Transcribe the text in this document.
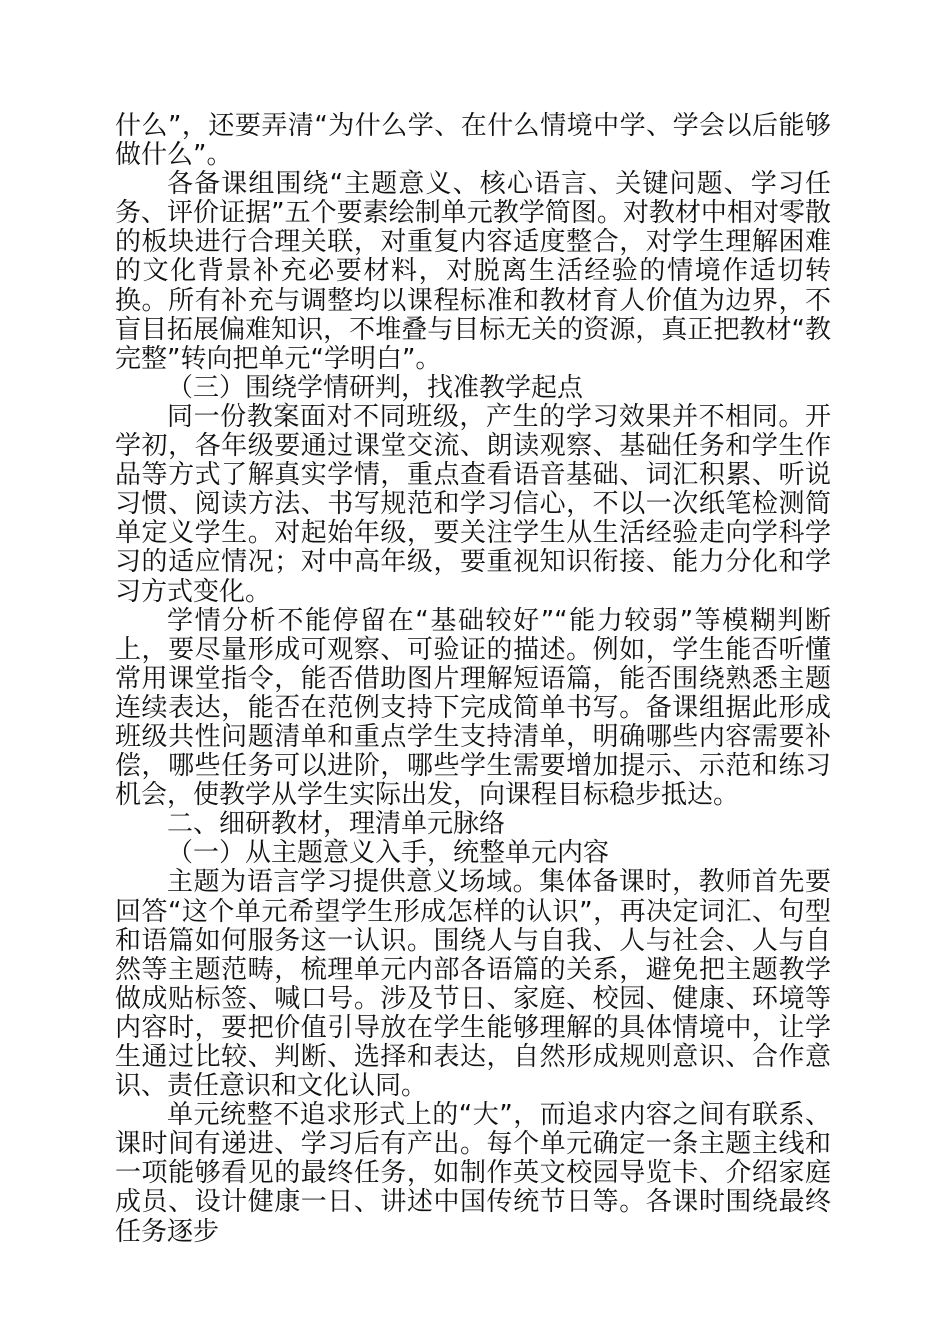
什么”，还要弄清“为什么学、在什么情境中学、学会以后能够做什么”。

各备课组围绕“主题意义、核心语言、关键问题、学习任务、评价证据”五个要素绘制单元教学简图。对教材中相对零散的板块进行合理关联，对重复内容适度整合，对学生理解困难的文化背景补充必要材料，对脱离生活经验的情境作适切转换。所有补充与调整均以课程标准和教材育人价值为边界，不盲目拓展偏难知识，不堆叠与目标无关的资源，真正把教材“教完整”转向把单元“学明白”。

（三）围绕学情研判，找准教学起点

同一份教案面对不同班级，产生的学习效果并不相同。开学初，各年级要通过课堂交流、朗读观察、基础任务和学生作品等方式了解真实学情，重点查看语音基础、词汇积累、听说习惯、阅读方法、书写规范和学习信心，不以一次纸笔检测简单定义学生。对起始年级，要关注学生从生活经验走向学科学习的适应情况；对中高年级，要重视知识衔接、能力分化和学习方式变化。

学情分析不能停留在“基础较好”“能力较弱”等模糊判断上，要尽量形成可观察、可验证的描述。例如，学生能否听懂常用课堂指令，能否借助图片理解短语篇，能否围绕熟悉主题连续表达，能否在范例支持下完成简单书写。备课组据此形成班级共性问题清单和重点学生支持清单，明确哪些内容需要补偿，哪些任务可以进阶，哪些学生需要增加提示、示范和练习机会，使教学从学生实际出发，向课程目标稳步抵达。

二、细研教材，理清单元脉络

（一）从主题意义入手，统整单元内容

主题为语言学习提供意义场域。集体备课时，教师首先要回答“这个单元希望学生形成怎样的认识”，再决定词汇、句型和语篇如何服务这一认识。围绕人与自我、人与社会、人与自然等主题范畴，梳理单元内部各语篇的关系，避免把主题教学做成贴标签、喊口号。涉及节日、家庭、校园、健康、环境等内容时，要把价值引导放在学生能够理解的具体情境中，让学生通过比较、判断、选择和表达，自然形成规则意识、合作意识、责任意识和文化认同。

单元统整不追求形式上的“大”，而追求内容之间有联系、课时间有递进、学习后有产出。每个单元确定一条主题主线和一项能够看见的最终任务，如制作英文校园导览卡、介绍家庭成员、设计健康一日、讲述中国传统节日等。各课时围绕最终任务逐步
